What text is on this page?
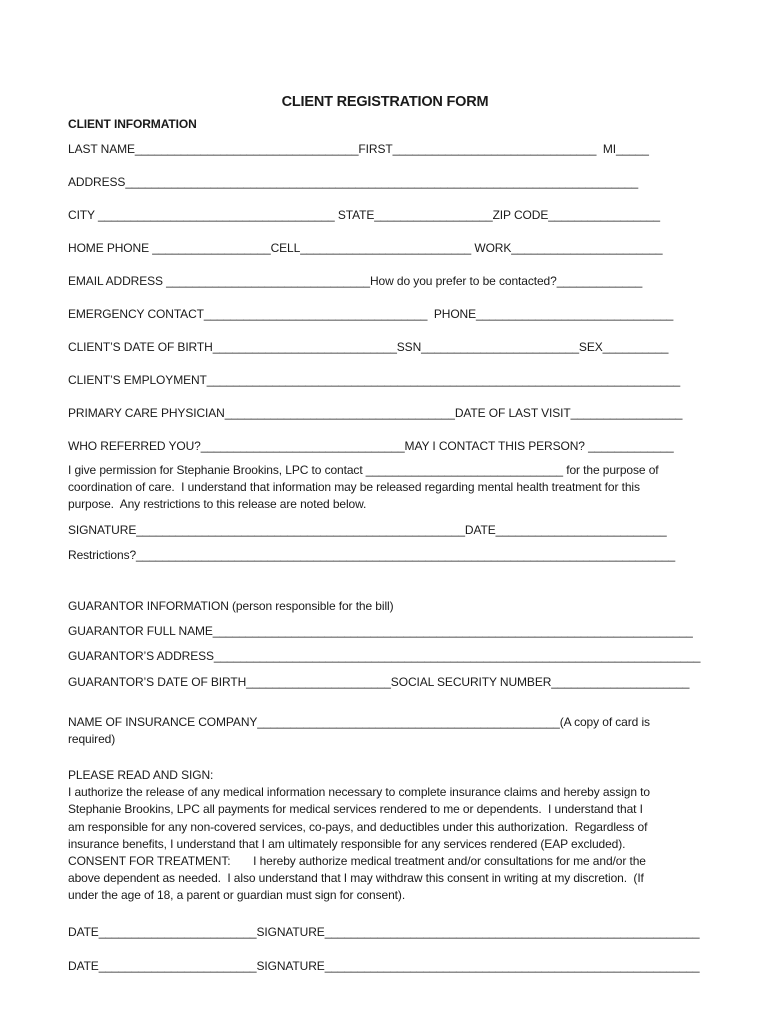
CLIENT REGISTRATION FORM
CLIENT INFORMATION
LAST NAME__________________________________FIRST_______________________________  MI_____
ADDRESS______________________________________________________________________________
CITY ____________________________________ STATE__________________ZIP CODE_________________
HOME PHONE __________________CELL__________________________ WORK_______________________
EMAIL ADDRESS _______________________________How do you prefer to be contacted?_____________
EMERGENCY CONTACT__________________________________  PHONE______________________________
CLIENT’S DATE OF BIRTH____________________________SSN________________________SEX__________
CLIENT’S EMPLOYMENT________________________________________________________________________
PRIMARY CARE PHYSICIAN___________________________________DATE OF LAST VISIT_________________
WHO REFERRED YOU?_______________________________MAY I CONTACT THIS PERSON? _____________
I give permission for Stephanie Brookins, LPC to contact ______________________________ for the purpose of
coordination of care.  I understand that information may be released regarding mental health treatment for this
purpose.  Any restrictions to this release are noted below.
SIGNATURE__________________________________________________DATE__________________________
Restrictions?__________________________________________________________________________________
GUARANTOR INFORMATION (person responsible for the bill)
GUARANTOR FULL NAME_________________________________________________________________________
GUARANTOR’S ADDRESS__________________________________________________________________________
GUARANTOR’S DATE OF BIRTH______________________SOCIAL SECURITY NUMBER_____________________
NAME OF INSURANCE COMPANY______________________________________________(A copy of card is
required)
PLEASE READ AND SIGN:
I authorize the release of any medical information necessary to complete insurance claims and hereby assign to
Stephanie Brookins, LPC all payments for medical services rendered to me or dependents.  I understand that I
am responsible for any non-covered services, co-pays, and deductibles under this authorization.  Regardless of
insurance benefits, I understand that I am ultimately responsible for any services rendered (EAP excluded).
CONSENT FOR TREATMENT:       I hereby authorize medical treatment and/or consultations for me and/or the
above dependent as needed.  I also understand that I may withdraw this consent in writing at my discretion.  (If
under the age of 18, a parent or guardian must sign for consent).
DATE________________________SIGNATURE_________________________________________________________
DATE________________________SIGNATURE_________________________________________________________
